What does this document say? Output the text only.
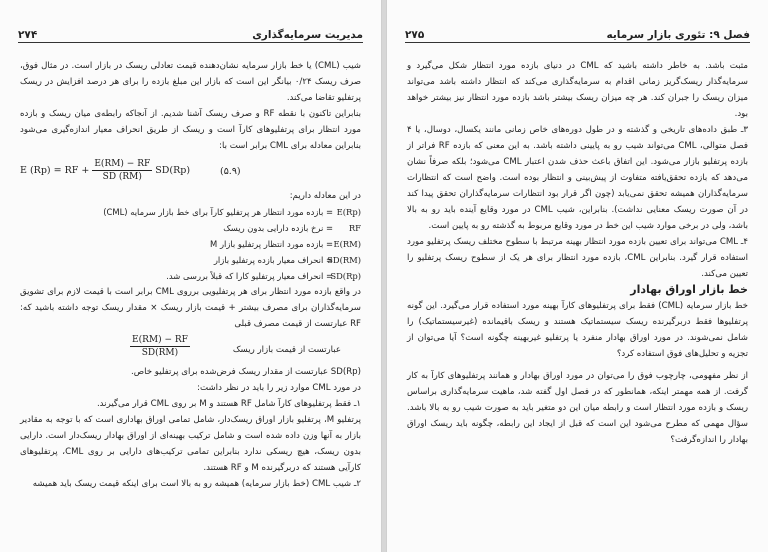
مدیریت سرمایه‌گذاری
۲۷۴

شیب (CML) یا خط بازار سرمایه نشان‌دهنده قیمت تعادلی ریسک در بازار است. در مثال فوق، صرف ریسک ۰/۲۴ بیانگر این است که بازار این مبلغ بازده را برای هر درصد افزایش در ریسک پرتفلیو تقاضا می‌کند.

بنابراین تاکنون با نقطه RF و صرف ریسک آشنا شدیم. از آنجاکه رابطه‌ی میان ریسک و بازده مورد انتظار برای پرتفلیوهای کارآ است و ریسک از طریق انحراف معیار اندازه‌گیری می‌شود بنابراین معادله برای CML برابر است با:

E (Rp) = RF + $\frac{E(RM) - RF}{SD (RM)} SD(Rp)$	(۵.۹)

در این معادله داریم:

E(Rp)
= بازده مورد انتظار هر پرتفلیو کارآ برای خط بازار سرمایه (CML)

RF
= نرخ بازده دارایی بدون ریسک

E(RM)
= بازده مورد انتظار پرتفلیو بازار M

SD(RM)
= انحراف معیار بازده پرتفلیو بازار

SD(Rp)
= انحراف معیار پرتفلیو کارا که قبلاً بررسی شد.

در واقع بازده مورد انتظار برای هر پرتفلیویی برروی CML برابر است با قیمت لازم برای تشویق سرمایه‌گذاران برای مصرف بیشتر + قیمت بازار ریسک × مقدار ریسک توجه داشته باشید که: RF عبارتست از قیمت مصرف قبلی

عبارتست از قیمت بازار ریسک
$\frac{E(RM) - RF}{SD(RM)}$

SD(Rp) عبارتست از مقدار ریسک فرض‌شده برای پرتفلیو خاص.

در مورد CML موارد زیر را باید در نظر داشت:

۱ـ فقط پرتفلیوهای کارآ شامل RF هستند و M بر روی CML قرار می‌گیرند.

پرتفلیو M، پرتفلیو بازار اوراق ریسک‌دار، شامل تمامی اوراق بهاداری است که با توجه به مقادیر بازار به آنها وزن داده شده است و شامل ترکیب بهینه‌ای از اوراق بهادار ریسک‌دار است. دارایی بدون ریسک، هیچ ریسکی ندارد بنابراین تمامی ترکیب‌های دارایی بر روی CML، پرتفلیوهای کارآیی هستند که دربرگیرنده M و RF هستند.

۲ـ شیب CML (خط بازار سرمایه) همیشه رو به بالا است برای اینکه قیمت ریسک باید همیشه

فصل ۹: تئوری بازار سرمایه
۲۷۵

مثبت باشد. به خاطر داشته باشید که CML در دنیای بازده مورد انتظار شکل می‌گیرد و سرمایه‌گذار ریسک‌گریز زمانی اقدام به سرمایه‌گذاری می‌کند که انتظار داشته باشد می‌تواند میزان ریسک را جبران کند. هر چه میزان ریسک بیشتر باشد بازده مورد انتظار نیز بیشتر خواهد بود.

۳ـ طبق داده‌های تاریخی و گذشته و در طول دوره‌های خاص زمانی مانند یکسال، دوسال، یا ۴ فصل متوالی، CML می‌تواند شیب رو به پایینی داشته باشد. به این معنی که بازده RF فراتر از بازده پرتفلیو بازار می‌شود. این اتفاق باعث حذف شدن اعتبار CML می‌شود؛ بلکه صرفاً نشان می‌دهد که بازده تحقق‌یافته متفاوت از پیش‌بینی و انتظار بوده است. واضح است که انتظارات سرمایه‌گذاران همیشه تحقق نمی‌یابد (چون اگر قرار بود انتظارات سرمایه‌گذاران تحقق پیدا کند در آن صورت ریسک معنایی نداشت). بنابراین، شیب CML در مورد وقایع آینده باید رو به بالا باشد، ولی در برخی موارد شیب این خط در مورد وقایع مربوط به گذشته رو به پایین است.

۴ـ CML می‌تواند برای تعیین بازده مورد انتظار بهینه مرتبط با سطوح مختلف ریسک پرتفلیو مورد استفاده قرار گیرد. بنابراین CML، بازده مورد انتظار برای هر یک از سطوح ریسک پرتفلیو را تعیین می‌کند.

خط بازار اوراق بهادار

خط بازار سرمایه (CML) فقط برای پرتفلیوهای کارآ بهینه مورد استفاده قرار می‌گیرد. این گونه پرتفلیوها فقط دربرگیرنده ریسک سیستماتیک هستند و ریسک باقیمانده (غیرسیستماتیک) را شامل نمی‌شوند. در مورد اوراق بهادار منفرد یا پرتفلیو غیربهینه چگونه است؟ آیا می‌توان از تجزیه و تحلیل‌های فوق استفاده کرد؟

از نظر مفهومی، چارچوب فوق را می‌توان در مورد اوراق بهادار و همانند پرتفلیوهای کارآ به کار گرفت. از همه مهمتر اینکه، همانطور که در فصل اول گفته شد، ماهیت سرمایه‌گذاری براساس ریسک و بازده مورد انتظار است و رابطه میان این دو متغیر باید به صورت شیب رو به بالا باشد. سؤال مهمی که مطرح می‌شود این است که قبل از ایجاد این رابطه، چگونه باید ریسک اوراق بهادار را اندازه‌گرفت؟
